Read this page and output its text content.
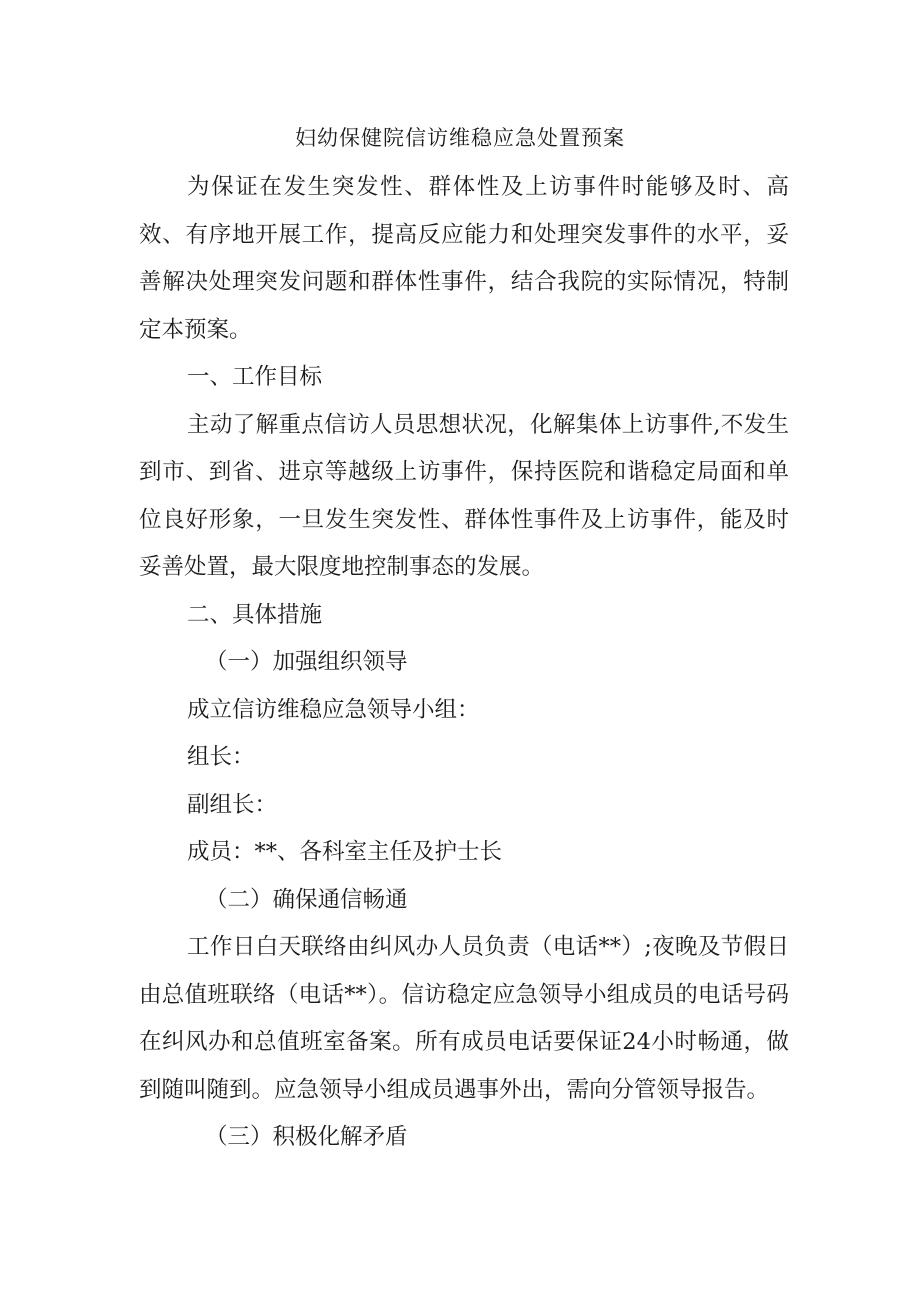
妇幼保健院信访维稳应急处置预案

为保证在发生突发性、群体性及上访事件时能够及时、高效、有序地开展工作，提高反应能力和处理突发事件的水平，妥善解决处理突发问题和群体性事件，结合我院的实际情况，特制定本预案。

一、工作目标

主动了解重点信访人员思想状况，化解集体上访事件,不发生到市、到省、进京等越级上访事件，保持医院和谐稳定局面和单位良好形象，一旦发生突发性、群体性事件及上访事件，能及时妥善处置，最大限度地控制事态的发展。

二、具体措施

（一）加强组织领导

成立信访维稳应急领导小组：

组长：

副组长：

成员：**、各科室主任及护士长

（二）确保通信畅通

工作日白天联络由纠风办人员负责（电话**）;夜晚及节假日由总值班联络（电话**）。信访稳定应急领导小组成员的电话号码在纠风办和总值班室备案。所有成员电话要保证24小时畅通，做到随叫随到。应急领导小组成员遇事外出，需向分管领导报告。

（三）积极化解矛盾
